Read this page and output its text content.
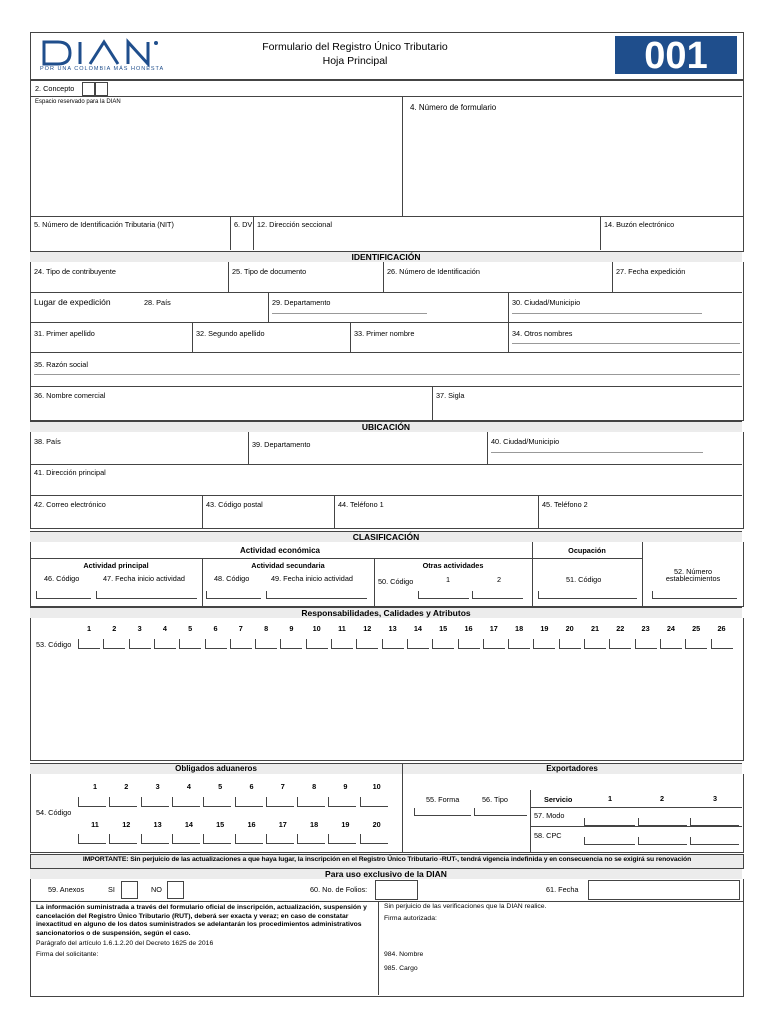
POR UNA COLOMBIA MÁS HONESTA
Formulario del Registro Único Tributario
Hoja Principal	001
2. Concepto
Espacio reservado para la DIAN
4. Número de formulario
5. Número de Identificación Tributaria (NIT)	6. DV 12. Dirección seccional	14. Buzón electrónico
IDENTIFICACIÓN
24. Tipo de contribuyente	25. Tipo de documento	26. Número de Identificación	27. Fecha expedición
Lugar de expedición	28. País	29. Departamento	30. Ciudad/Municipio
31. Primer apellido	32. Segundo apellido	33. Primer nombre	34. Otros nombres
35. Razón social
36. Nombre comercial	37. Sigla
UBICACIÓN
38. País	39. Departamento	40. Ciudad/Municipio
41. Dirección principal
42. Correo electrónico	43. Código postal	44. Teléfono 1	45. Teléfono 2
CLASIFICACIÓN
Actividad económica	Ocupación
Actividad principal	Actividad secundaria	Otras actividades
46. Código	47. Fecha inicio actividad	48. Código	49. Fecha inicio actividad	50. Código	1	2	51. Código
52. Número establecimientos
Responsabilidades, Calidades y Atributos
1	2	3	4	5	6	7	8	9	10	11	12	13	14	15	16	17	18	19	20	21	22	23	24	25	26
53. Código
Obligados aduaneros	Exportadores
1	2	3	4	5	6	7	8	9	10
11	12	13	14	15	16	17	18	19	20
54. Código
55. Forma	56. Tipo	Servicio	1	2	3
57. Modo
58. CPC
IMPORTANTE: Sin perjuicio de las actualizaciones a que haya lugar, la inscripción en el Registro Único Tributario -RUT-, tendrá vigencia indefinida y en consecuencia no se exigirá su renovación
Para uso exclusivo de la DIAN
59. Anexos	SI	NO	60. No. de Folios:	61. Fecha
La información suministrada a través del formulario oficial de inscripción, actualización, suspensión y cancelación del Registro Único Tributario (RUT), deberá ser exacta y veraz; en caso de constatar inexactitud en alguno de los datos suministrados se adelantarán los procedimientos administrativos sancionatorios o de suspensión, según el caso.
Parágrafo del artículo 1.6.1.2.20 del Decreto 1625 de 2016
Firma del solicitante:
Sin perjuicio de las verificaciones que la DIAN realice.
Firma autorizada:
984. Nombre
985. Cargo
